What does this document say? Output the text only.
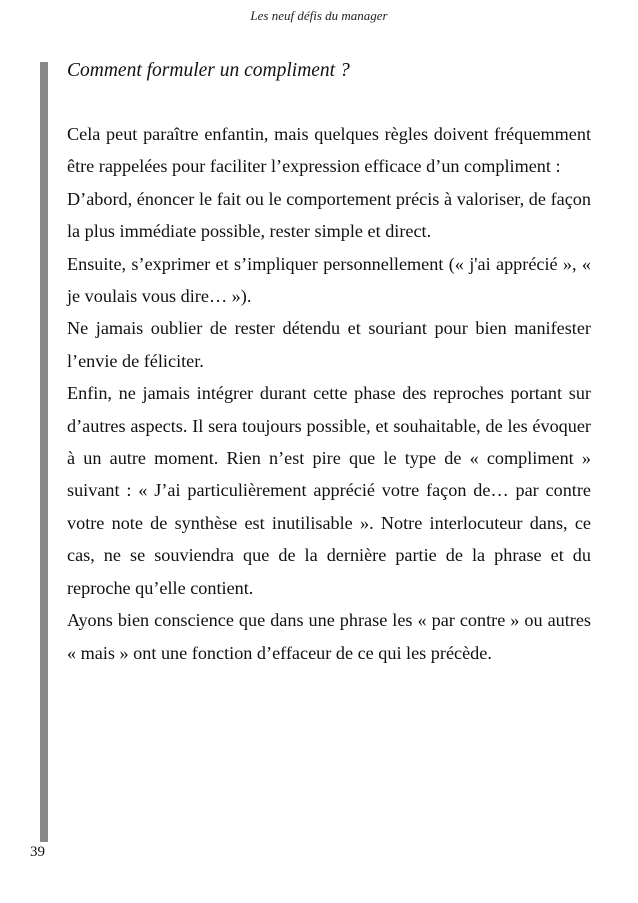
Les neuf défis du manager
Comment formuler un compliment ?

Cela peut paraître enfantin, mais quelques règles doivent fréquemment être rappelées pour faciliter l’expression efficace d’un compliment :

D’abord, énoncer le fait ou le comportement précis à valoriser, de façon la plus immédiate possible, rester simple et direct.

Ensuite, s’exprimer et s’impliquer personnellement (« j'ai apprécié », « je voulais vous dire… »).

Ne jamais oublier de rester détendu et souriant pour bien manifester l’envie de féliciter.

Enfin, ne jamais intégrer durant cette phase des reproches portant sur d’autres aspects. Il sera toujours possible, et souhaitable, de les évoquer à un autre moment. Rien n’est pire que le type de « compliment » suivant : « J’ai particulièrement apprécié votre façon de… par contre votre note de synthèse est inutilisable ». Notre interlocuteur dans, ce cas, ne se souviendra que de la dernière partie de la phrase et du reproche qu’elle contient.

Ayons bien conscience que dans une phrase les « par contre » ou autres « mais » ont une fonction d’effaceur de ce qui les précède.

39
